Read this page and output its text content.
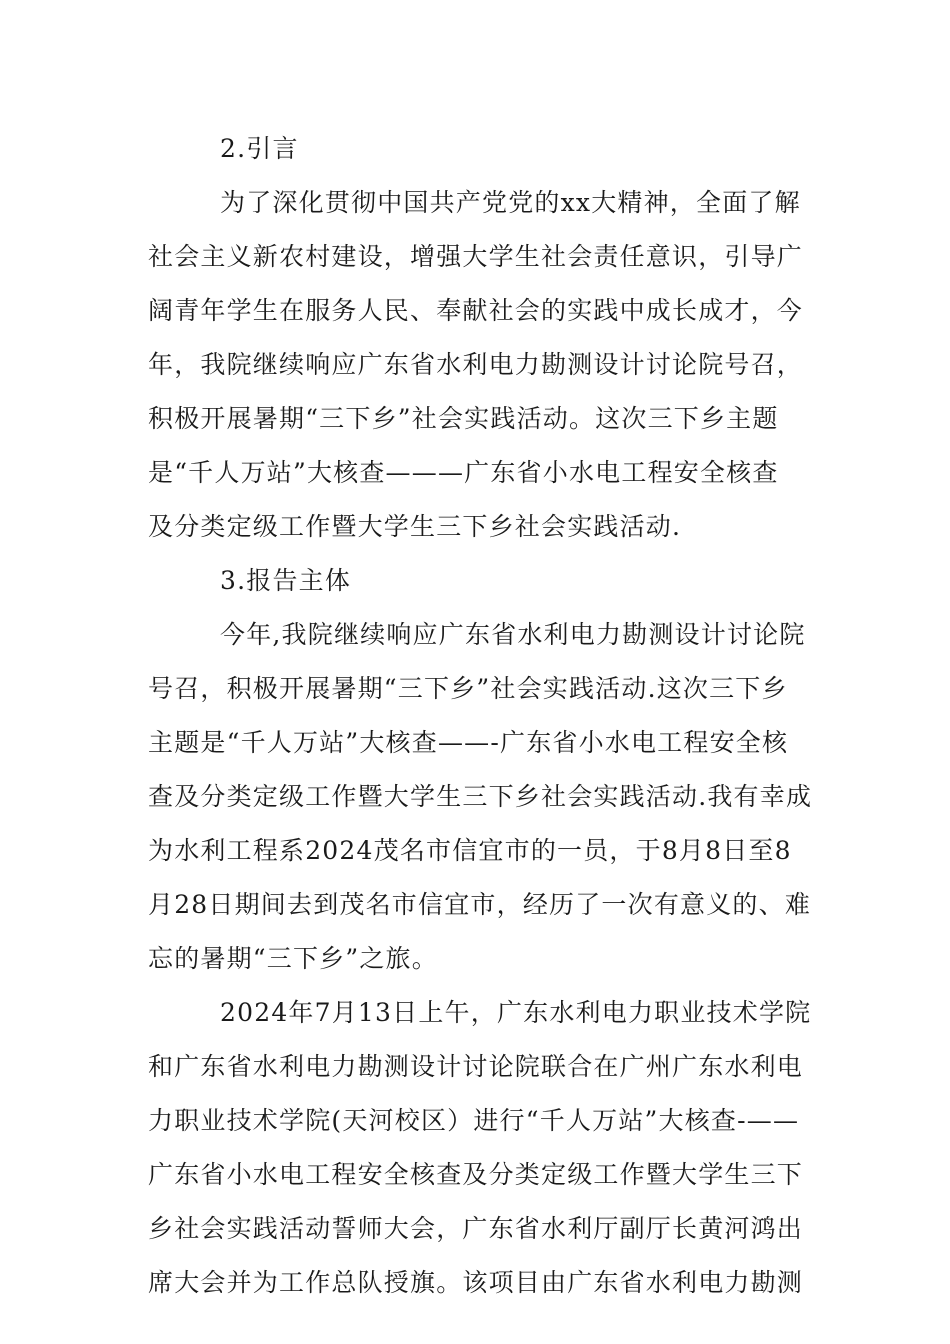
2.引言
为了深化贯彻中国共产党党的xx大精神，全面了解
社会主义新农村建设，增强大学生社会责任意识，引导广
阔青年学生在服务人民、奉献社会的实践中成长成才，今
年，我院继续响应广东省水利电力勘测设计讨论院号召，
积极开展暑期“三下乡”社会实践活动。这次三下乡主题
是“千人万站”大核查———广东省小水电工程安全核查
及分类定级工作暨大学生三下乡社会实践活动.
3.报告主体
今年,我院继续响应广东省水利电力勘测设计讨论院
号召，积极开展暑期“三下乡”社会实践活动.这次三下乡
主题是“千人万站”大核查——-广东省小水电工程安全核
查及分类定级工作暨大学生三下乡社会实践活动.我有幸成
为水利工程系2024茂名市信宜市的一员，于8月8日至8
月28日期间去到茂名市信宜市，经历了一次有意义的、难
忘的暑期“三下乡”之旅。
2024年7月13日上午，广东水利电力职业技术学院
和广东省水利电力勘测设计讨论院联合在广州广东水利电
力职业技术学院(天河校区）进行“千人万站”大核查-——
广东省小水电工程安全核查及分类定级工作暨大学生三下
乡社会实践活动誓师大会，广东省水利厅副厅长黄河鸿出
席大会并为工作总队授旗。该项目由广东省水利电力勘测
